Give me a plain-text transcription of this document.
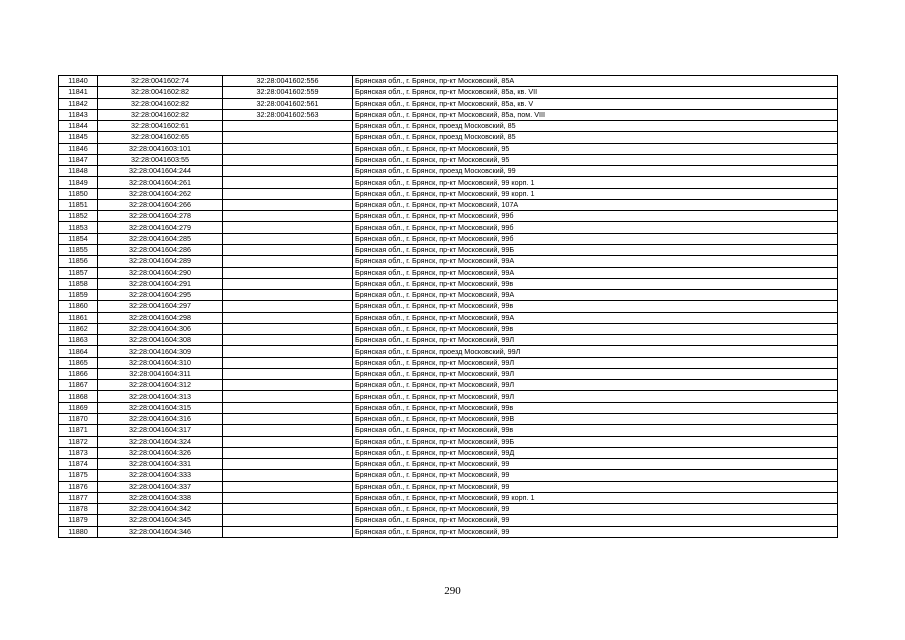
11840	32:28:0041602:74	32:28:0041602:556	Брянская обл., г. Брянск, пр-кт Московский, 85А
11841	32:28:0041602:82	32:28:0041602:559	Брянская обл., г. Брянск, пр-кт Московский, 85а, кв. VII
11842	32:28:0041602:82	32:28:0041602:561	Брянская обл., г. Брянск, пр-кт Московский, 85а, кв. V
11843	32:28:0041602:82	32:28:0041602:563	Брянская обл., г. Брянск, пр-кт Московский, 85а, пом. VIII
11844	32:28:0041602:61		Брянская обл., г. Брянск, проезд Московский, 85
11845	32:28:0041602:65		Брянская обл., г. Брянск, проезд Московский, 85
11846	32:28:0041603:101		Брянская обл., г. Брянск, пр-кт Московский, 95
11847	32:28:0041603:55		Брянская обл., г. Брянск, пр-кт Московский, 95
11848	32:28:0041604:244		Брянская обл., г. Брянск, проезд Московский, 99
11849	32:28:0041604:261		Брянская обл., г. Брянск, пр-кт Московский, 99 корп. 1
11850	32:28:0041604:262		Брянская обл., г. Брянск, пр-кт Московский, 99 корп. 1
11851	32:28:0041604:266		Брянская обл., г. Брянск, пр-кт Московский, 107А
11852	32:28:0041604:278		Брянская обл., г. Брянск, пр-кт Московский, 99б
11853	32:28:0041604:279		Брянская обл., г. Брянск, пр-кт Московский, 99б
11854	32:28:0041604:285		Брянская обл., г. Брянск, пр-кт Московский, 99б
11855	32:28:0041604:286		Брянская обл., г. Брянск, пр-кт Московский, 99Б
11856	32:28:0041604:289		Брянская обл., г. Брянск, пр-кт Московский, 99А
11857	32:28:0041604:290		Брянская обл., г. Брянск, пр-кт Московский, 99А
11858	32:28:0041604:291		Брянская обл., г. Брянск, пр-кт Московский, 99в
11859	32:28:0041604:295		Брянская обл., г. Брянск, пр-кт Московский, 99А
11860	32:28:0041604:297		Брянская обл., г. Брянск, пр-кт Московский, 99в
11861	32:28:0041604:298		Брянская обл., г. Брянск, пр-кт Московский, 99А
11862	32:28:0041604:306		Брянская обл., г. Брянск, пр-кт Московский, 99в
11863	32:28:0041604:308		Брянская обл., г. Брянск, пр-кт Московский, 99Л
11864	32:28:0041604:309		Брянская обл., г. Брянск, проезд Московский, 99Л
11865	32:28:0041604:310		Брянская обл., г. Брянск, пр-кт Московский, 99Л
11866	32:28:0041604:311		Брянская обл., г. Брянск, пр-кт Московский, 99Л
11867	32:28:0041604:312		Брянская обл., г. Брянск, пр-кт Московский, 99Л
11868	32:28:0041604:313		Брянская обл., г. Брянск, пр-кт Московский, 99Л
11869	32:28:0041604:315		Брянская обл., г. Брянск, пр-кт Московский, 99в
11870	32:28:0041604:316		Брянская обл., г. Брянск, пр-кт Московский, 99В
11871	32:28:0041604:317		Брянская обл., г. Брянск, пр-кт Московский, 99в
11872	32:28:0041604:324		Брянская обл., г. Брянск, пр-кт Московский, 99Б
11873	32:28:0041604:326		Брянская обл., г. Брянск, пр-кт Московский, 99Д
11874	32:28:0041604:331		Брянская обл., г. Брянск, пр-кт Московский, 99
11875	32:28:0041604:333		Брянская обл., г. Брянск, пр-кт Московский, 99
11876	32:28:0041604:337		Брянская обл., г. Брянск, пр-кт Московский, 99
11877	32:28:0041604:338		Брянская обл., г. Брянск, пр-кт Московский, 99 корп. 1
11878	32:28:0041604:342		Брянская обл., г. Брянск, пр-кт Московский, 99
11879	32:28:0041604:345		Брянская обл., г. Брянск, пр-кт Московский, 99
11880	32:28:0041604:346		Брянская обл., г. Брянск, пр-кт Московский, 99
290
